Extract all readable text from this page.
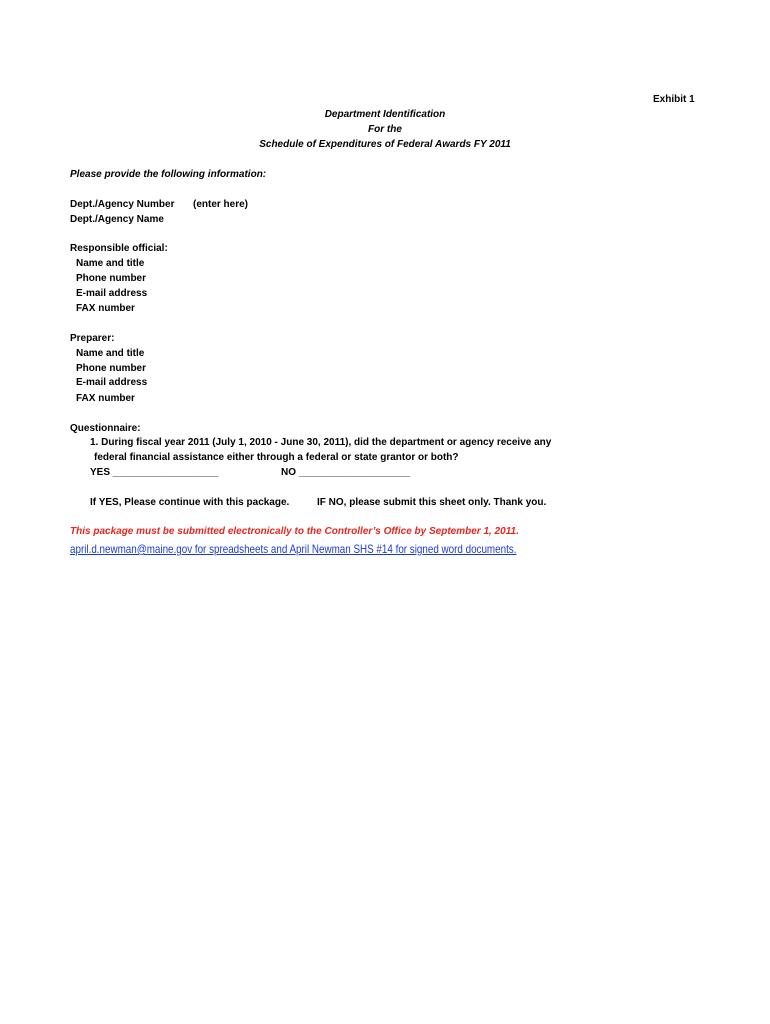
Exhibit 1
Department Identification
For the
Schedule of Expenditures of Federal Awards FY 2011
Please provide the following information:
Dept./Agency Number (enter here)
Dept./Agency Name
Responsible official:
Name and title
Phone number
E-mail address
FAX number
Preparer:
Name and title
Phone number
E-mail address
FAX number
Questionnaire:
1. During fiscal year 2011 (July 1, 2010 - June 30, 2011), did the department or agency receive any
federal financial assistance either through a federal or state grantor or both?
YES ___________________	NO ____________________
If YES, Please continue with this package.	IF NO, please submit this sheet only. Thank you.
This package must be submitted electronically to the Controller’s Office by September 1, 2011.
april.d.newman@maine.gov for spreadsheets and April Newman SHS #14 for signed word documents.
